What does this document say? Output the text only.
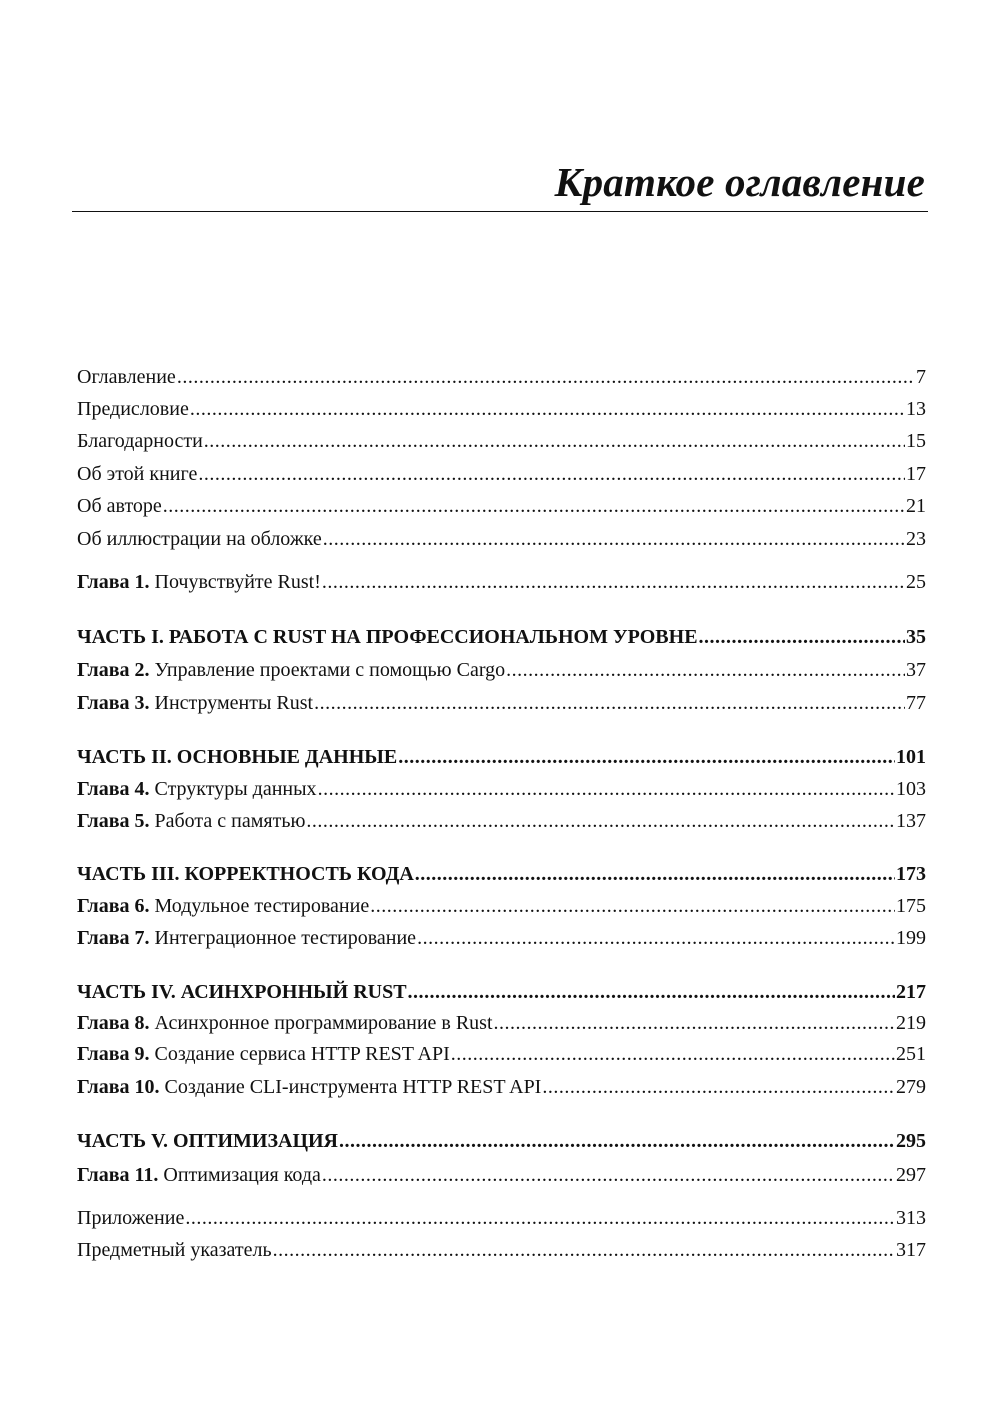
Краткое оглавление
Оглавление .....	7
Предисловие .....	13
Благодарности .....	15
Об этой книге .....	17
Об авторе .....	21
Об иллюстрации на обложке .....	23
Глава 1. Почувствуйте Rust! .....	25
ЧАСТЬ I. РАБОТА С RUST НА ПРОФЕССИОНАЛЬНОМ УРОВНЕ .....	35
Глава 2. Управление проектами с помощью Cargo .....	37
Глава 3. Инструменты Rust .....	77
ЧАСТЬ II. ОСНОВНЫЕ ДАННЫЕ .....	101
Глава 4. Структуры данных .....	103
Глава 5. Работа с памятью .....	137
ЧАСТЬ III. КОРРЕКТНОСТЬ КОДА .....	173
Глава 6. Модульное тестирование .....	175
Глава 7. Интеграционное тестирование .....	199
ЧАСТЬ IV. АСИНХРОННЫЙ RUST .....	217
Глава 8. Асинхронное программирование в Rust .....	219
Глава 9. Создание сервиса HTTP REST API .....	251
Глава 10. Создание CLI-инструмента HTTP REST API .....	279
ЧАСТЬ V. ОПТИМИЗАЦИЯ .....	295
Глава 11. Оптимизация кода .....	297
Приложение .....	313
Предметный указатель .....	317
